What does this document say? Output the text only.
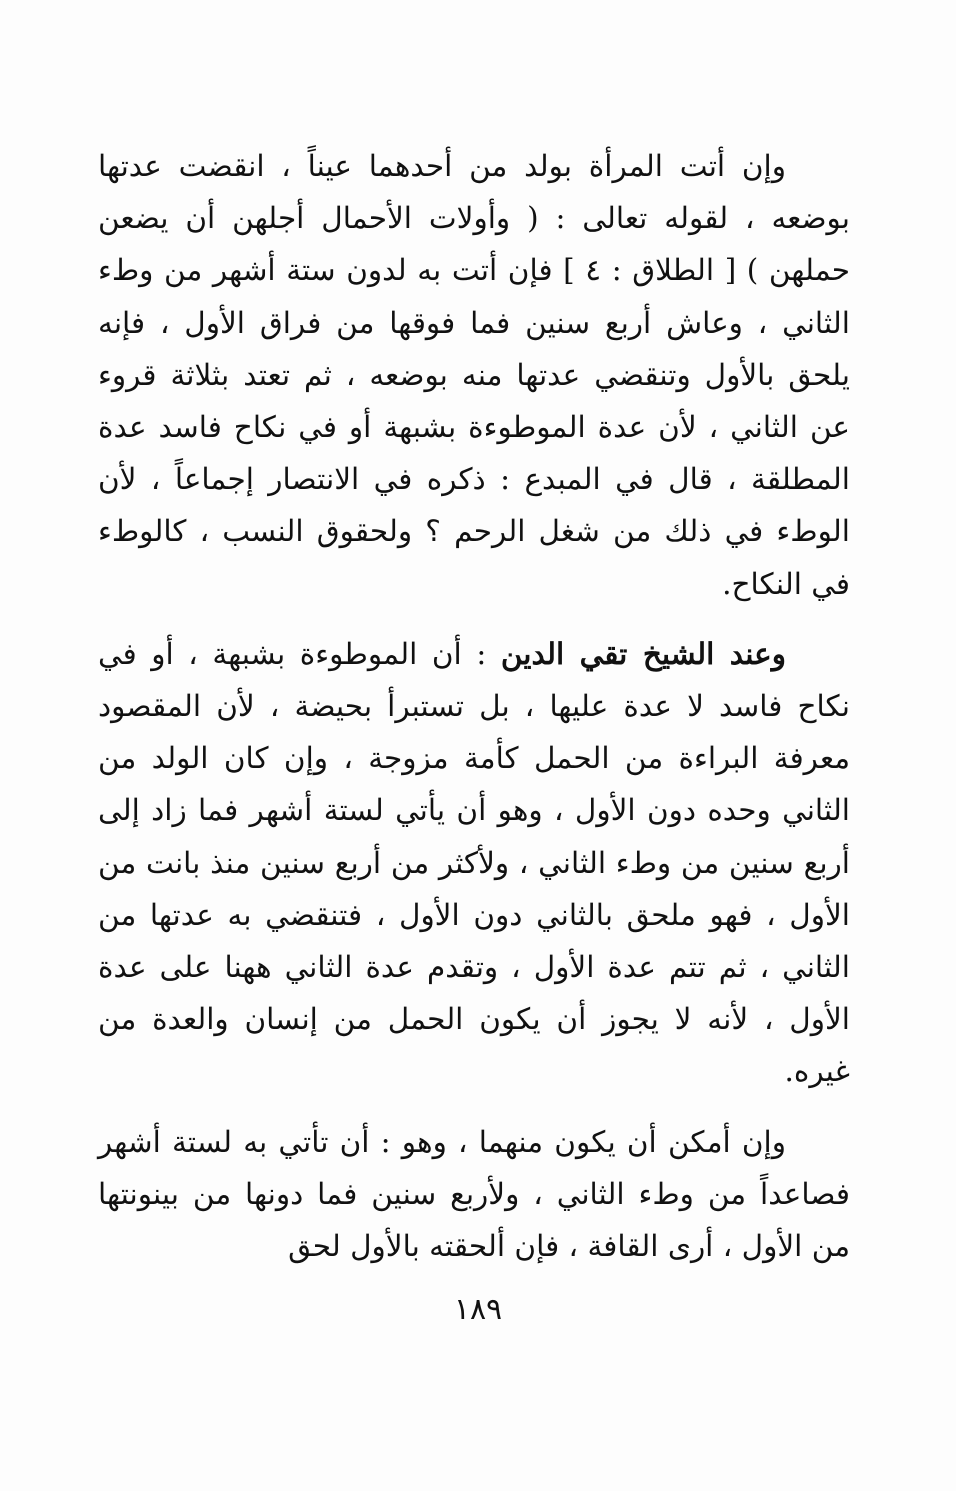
وإن أتت المرأة بولد من أحدهما عيناً ، انقضت عدتها بوضعه ، لقوله تعالى : ( وأولات الأحمال أجلهن أن يضعن حملهن ) [ الطلاق : ٤ ] فإن أتت به لدون ستة أشهر من وطء الثاني ، وعاش أربع سنين فما فوقها من فراق الأول ، فإنه يلحق بالأول وتنقضي عدتها منه بوضعه ، ثم تعتد بثلاثة قروء عن الثاني ، لأن عدة الموطوءة بشبهة أو في نكاح فاسد عدة المطلقة ، قال في المبدع : ذكره في الانتصار إجماعاً ، لأن الوطء في ذلك من شغل الرحم ؟ ولحقوق النسب ، كالوطء في النكاح.

وعند الشيخ تقي الدين : أن الموطوءة بشبهة ، أو في نكاح فاسد لا عدة عليها ، بل تستبرأ بحيضة ، لأن المقصود معرفة البراءة من الحمل كأمة مزوجة ، وإن كان الولد من الثاني وحده دون الأول ، وهو أن يأتي لستة أشهر فما زاد إلى أربع سنين من وطء الثاني ، ولأكثر من أربع سنين منذ بانت من الأول ، فهو ملحق بالثاني دون الأول ، فتنقضي به عدتها من الثاني ، ثم تتم عدة الأول ، وتقدم عدة الثاني ههنا على عدة الأول ، لأنه لا يجوز أن يكون الحمل من إنسان والعدة من غيره.

وإن أمكن أن يكون منهما ، وهو : أن تأتي به لستة أشهر فصاعداً من وطء الثاني ، ولأربع سنين فما دونها من بينونتها من الأول ، أرى القافة ، فإن ألحقته بالأول لحق

١٨٩
